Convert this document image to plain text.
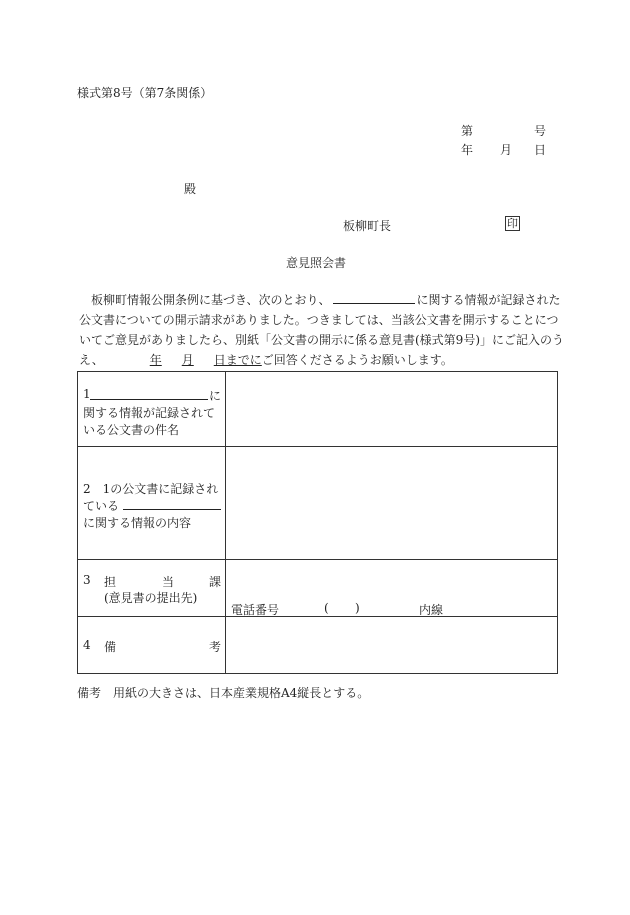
様式第8号（第7条関係）
第	号
年 月 日
殿
板柳町長	印
意見照会書
板柳町情報公開条例に基づき、次のとおり、	に関する情報が記録された
公文書についての開示請求がありました。つきましては、当該公文書を開示することにつ
いてご意見がありましたら、別紙「公文書の開示に係る意見書(様式第9号)」にご記入のう
え、	年 月 日までにご回答くださるようお願いします。
1 に
関する情報が記録されて
いる公文書の件名	

2　1の公文書に記録され
ている
に関する情報の内容	

3 担 当 課
(意見書の提出先)	電話番号 ( ) 内線

4 備 考	

備考　用紙の大きさは、日本産業規格A4縦長とする。
